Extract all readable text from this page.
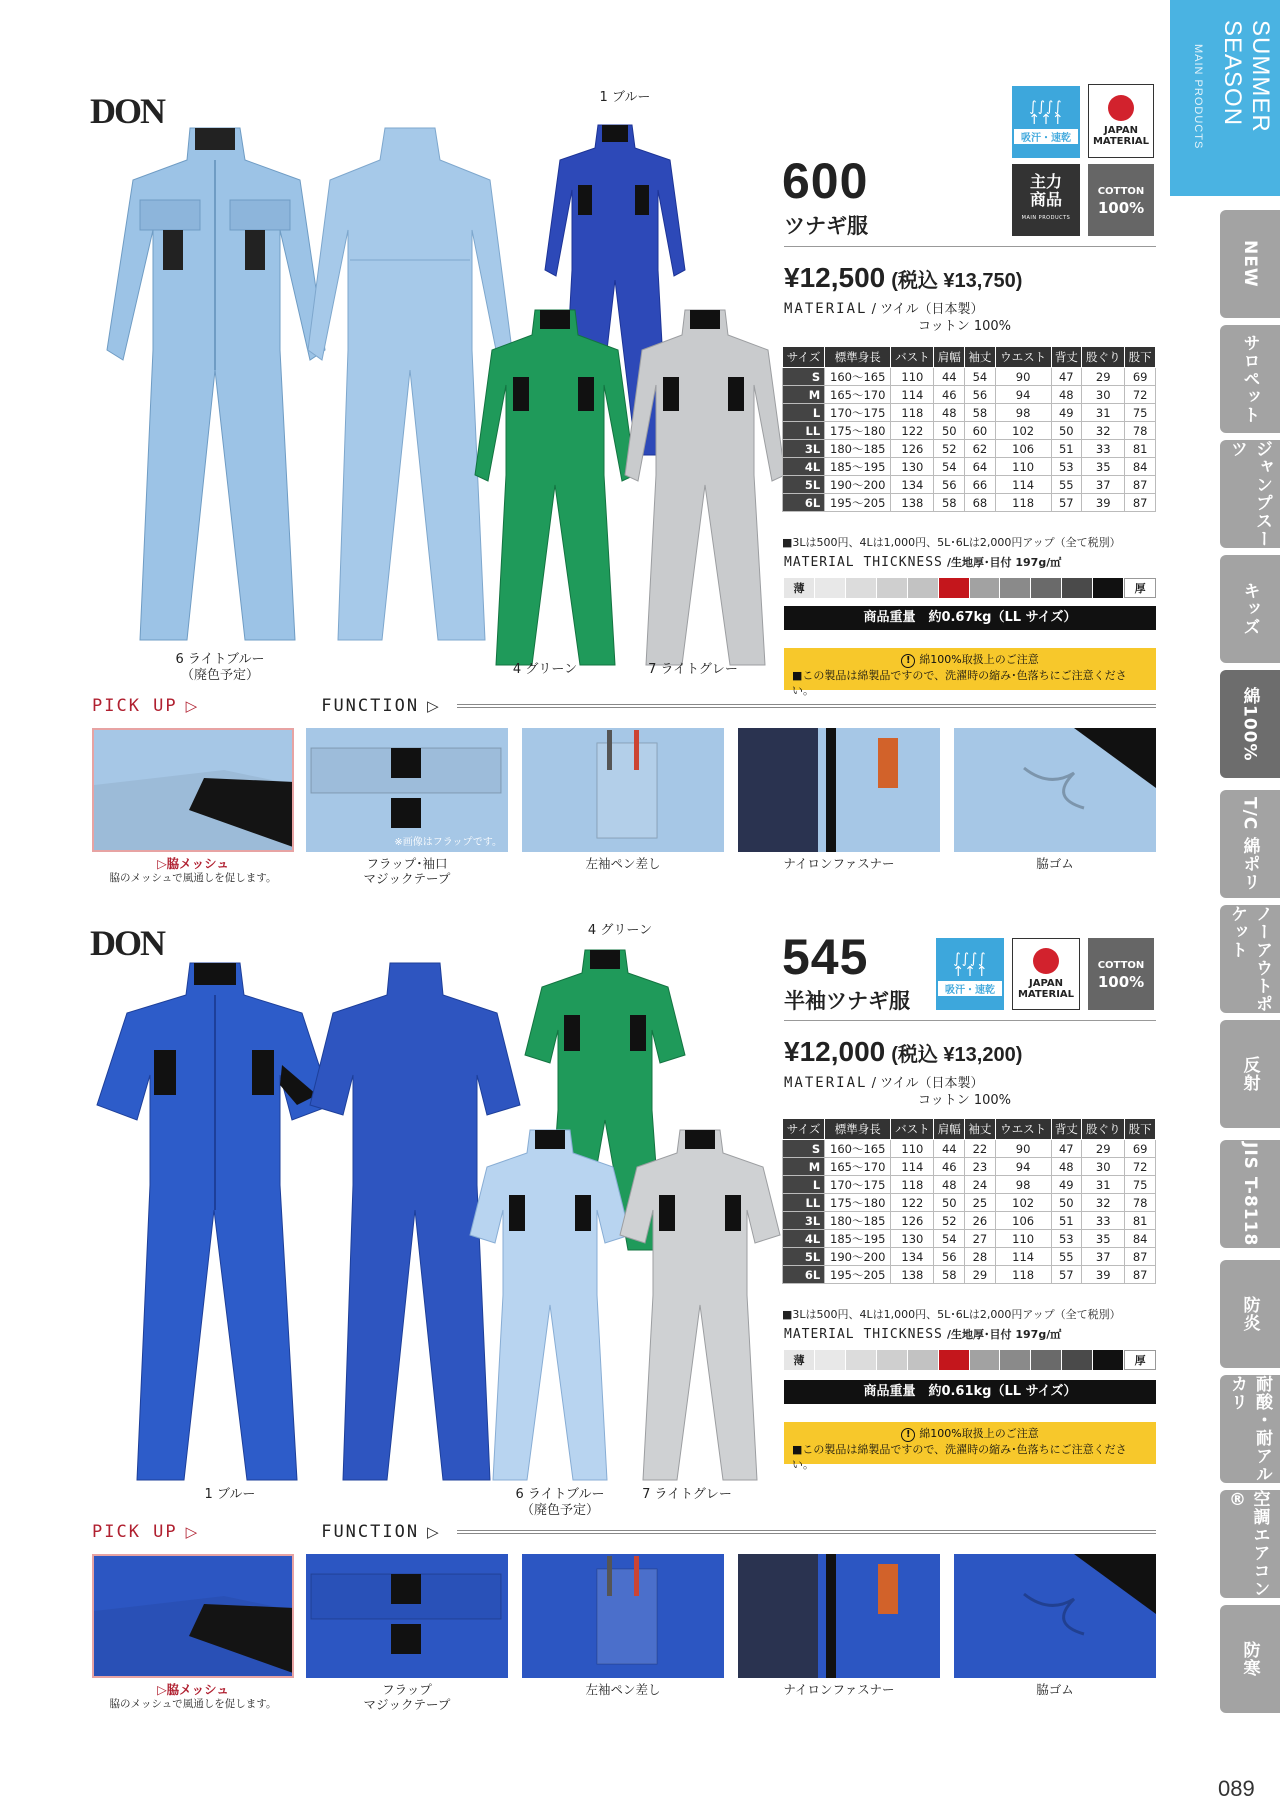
SUMMER SEASON
MAIN PRODUCTS
NEW
サロペット
ジャンプスーツ
キッズ
綿100%
T/C 綿ポリ
ノーアウトポケット
反射
JIS T-8118
防炎
耐酸・耐アルカリ
空調エアコン®
防寒
089
DON
6 ライトブルー
（廃色予定）
1 ブルー
4 グリーン	7 ライトグレー
∫∫∫∫
↑↑↑
吸汗・速乾
JAPAN
MATERIAL
主力
商品
MAIN PRODUCTS
COTTON
100%
600
ツナギ服
¥12,500 (税込 ¥13,750)
MATERIAL / ツイル（日本製）
コットン 100%
サイズ	標準身長	バスト	肩幅	袖丈	ウエスト	背丈	股ぐり	股下
S	160〜165	110	44	54	90	47	29	69
M	165〜170	114	46	56	94	48	30	72
L	170〜175	118	48	58	98	49	31	75
LL	175〜180	122	50	60	102	50	32	78
3L	180〜185	126	52	62	106	51	33	81
4L	185〜195	130	54	64	110	53	35	84
5L	190〜200	134	56	66	114	55	37	87
6L	195〜205	138	58	68	118	57	39	87
■3Lは500円、4Lは1,000円、5L･6Lは2,000円アップ（全て税別）
MATERIAL THICKNESS /生地厚･目付 197g/㎡
薄	厚
商品重量　約0.67kg（LL サイズ）
! 綿100%取扱上のご注意
■この製品は綿製品ですので、洗濯時の縮み･色落ちにご注意ください。
PICK UP ▷	FUNCTION ▷
▷脇メッシュ
脇のメッシュで風通しを促します。
※画像はフラップです。
フラップ･袖口
マジックテープ
左袖ペン差し	ナイロンファスナー	脇ゴム
DON
1 ブルー
4 グリーン
6 ライトブルー
（廃色予定）
7 ライトグレー
545
半袖ツナギ服
∫∫∫∫
↑↑↑
吸汗・速乾
JAPAN
MATERIAL
COTTON
100%
¥12,000 (税込 ¥13,200)
MATERIAL / ツイル（日本製）
コットン 100%
サイズ	標準身長	バスト	肩幅	袖丈	ウエスト	背丈	股ぐり	股下
S	160〜165	110	44	22	90	47	29	69
M	165〜170	114	46	23	94	48	30	72
L	170〜175	118	48	24	98	49	31	75
LL	175〜180	122	50	25	102	50	32	78
3L	180〜185	126	52	26	106	51	33	81
4L	185〜195	130	54	27	110	53	35	84
5L	190〜200	134	56	28	114	55	37	87
6L	195〜205	138	58	29	118	57	39	87
■3Lは500円、4Lは1,000円、5L･6Lは2,000円アップ（全て税別）
MATERIAL THICKNESS /生地厚･目付 197g/㎡
薄	厚
商品重量　約0.61kg（LL サイズ）
! 綿100%取扱上のご注意
■この製品は綿製品ですので、洗濯時の縮み･色落ちにご注意ください。
PICK UP ▷	FUNCTION ▷
▷脇メッシュ
脇のメッシュで風通しを促します。
フラップ
マジックテープ
左袖ペン差し	ナイロンファスナー	脇ゴム
